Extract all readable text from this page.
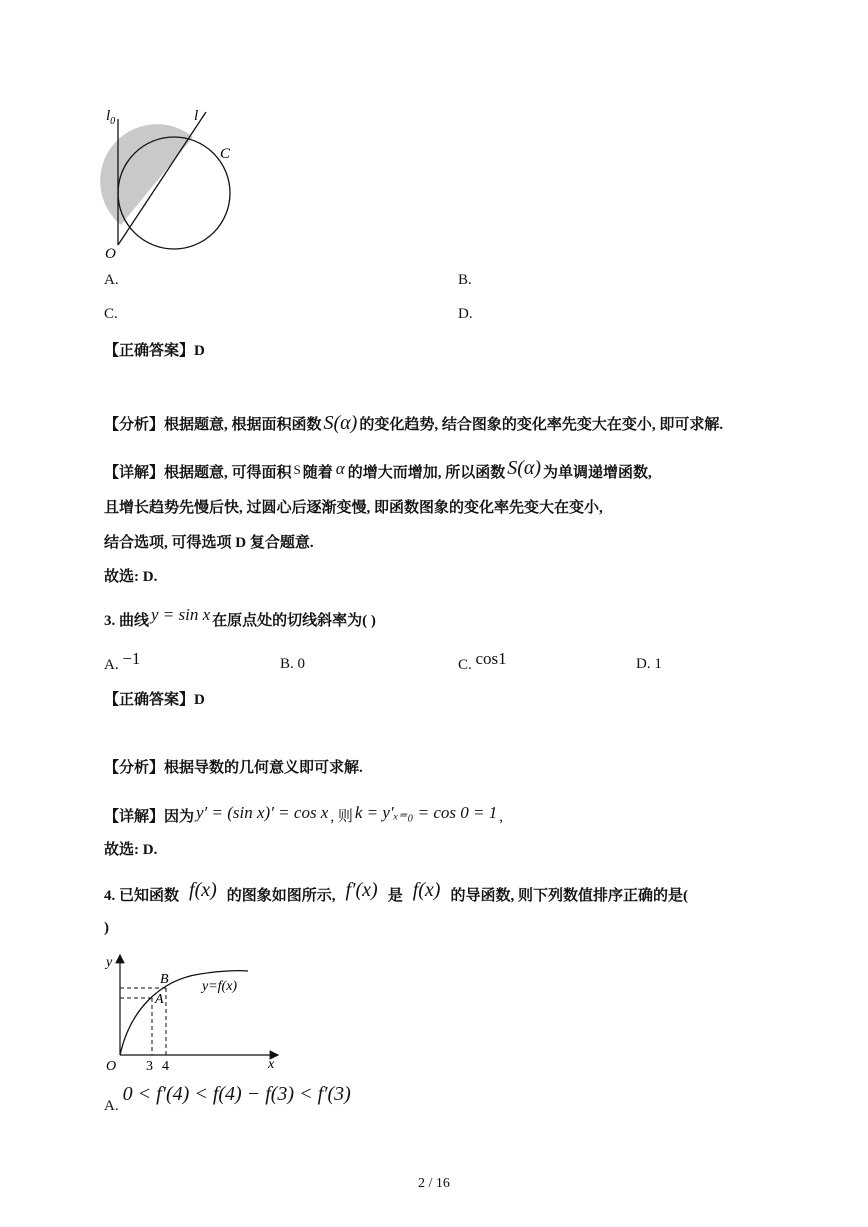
$l_0$	l
C
O
A.	B.
C.	D.
【正确答案】D
【分析】根据题意, 根据面积函数 S(α) 的变化趋势, 结合图象的变化率先变大在变小, 即可求解.
【详解】根据题意, 可得面积 S 随着 α 的增大而增加, 所以函数 S(α) 为单调递增函数,
且增长趋势先慢后快, 过圆心后逐渐变慢, 即函数图象的变化率先变大在变小,
结合选项, 可得选项 D 复合题意.
故选: D.
3. 曲线 y = sin x 在原点处的切线斜率为( )
A. −1	B. 0	C. cos1	D. 1
【正确答案】D
【分析】根据导数的几何意义即可求解.
【详解】因为 y′ = (sin x)′ = cos x , 则 k = y′ₓ₌₀ = cos 0 = 1 ,
故选: D.
4. 已知函数 f(x) 的图象如图所示, f′(x) 是 f(x) 的导函数, 则下列数值排序正确的是(
)
y
x
O
B
A
y=f(x)
3 4
A.0 < f′(4) < f(4) − f(3) < f′(3)
2 / 16
